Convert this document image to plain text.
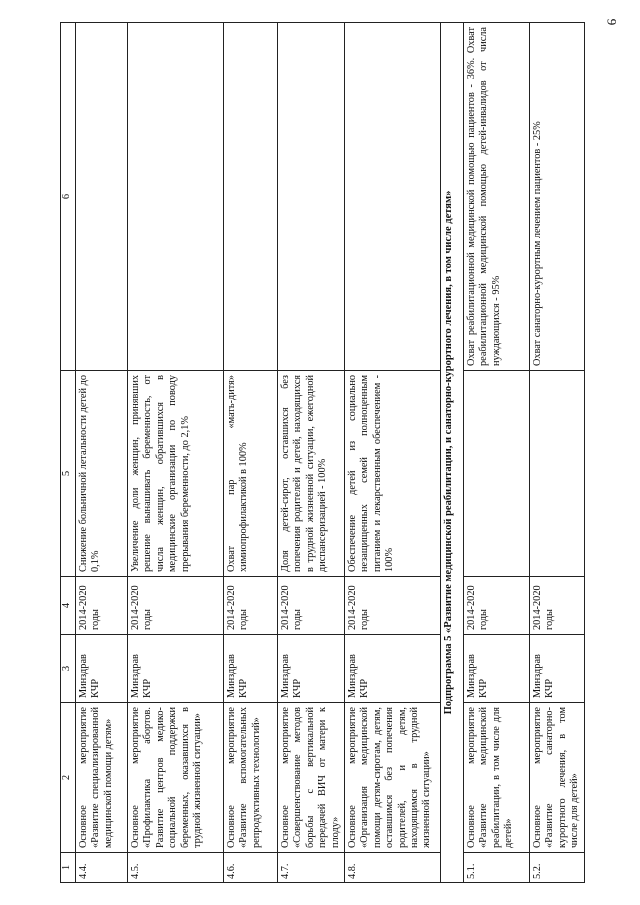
9
1	2	3	4	5	6
4.4.	Основное мероприятие «Развитие специализированной медицинской помощи детям»	Минздрав КЧР	2014-2020 годы	Снижение больничной летальности детей до 0,1%	
4.5.	Основное мероприятие «Профилактика абортов. Развитие центров медико-социальной поддержки беременных, оказавшихся в трудной жизненной ситуации»	Минздрав КЧР	2014-2020 годы	Увеличение доли женщин, принявших решение вынашивать беременность, от числа женщин, обратившихся в медицинские организации по поводу прерывания беременности, до 2,1%	
4.6.	Основное мероприятие «Развитие вспомогательных репродуктивных технологий»	Минздрав КЧР	2014-2020 годы	Охват пар «мать-дитя» химиопрофилактикой в 100%	
4.7.	Основное мероприятие «Совершенствование методов борьбы с вертикальной передачей ВИЧ от матери к плоду»	Минздрав КЧР	2014-2020 годы	Доля детей-сирот, оставшихся без попечения родителей и детей, находящихся в трудной жизненной ситуации, ежегодной диспансеризацией - 100%	
4.8.	Основное мероприятие «Организация медицинской помощи детям-сиротам, детям, оставшимся без попечения родителей, и детям, находящимся в трудной жизненной ситуации»	Минздрав КЧР	2014-2020 годы	Обеспечение детей из социально незащищенных семей полноценным питанием и лекарственным обеспечением - 100%	
Подпрограмма 5 «Развитие медицинской реабилитации, и санаторно-курортного лечения, в том числе детям»					
5.1.	Основное мероприятие «Развитие медицинской реабилитации, в том числе для детей»	Минздрав КЧР	2014-2020 годы		Охват реабилитационной медицинской помощью пациентов - 36%. Охват реабилитационной медицинской помощью детей-инвалидов от числа нуждающихся - 95%
5.2.	Основное мероприятие «Развитие санаторно-курортного лечения, в том числе для детей»	Минздрав КЧР	2014-2020 годы		Охват санаторно-курортным лечением пациентов - 25%
